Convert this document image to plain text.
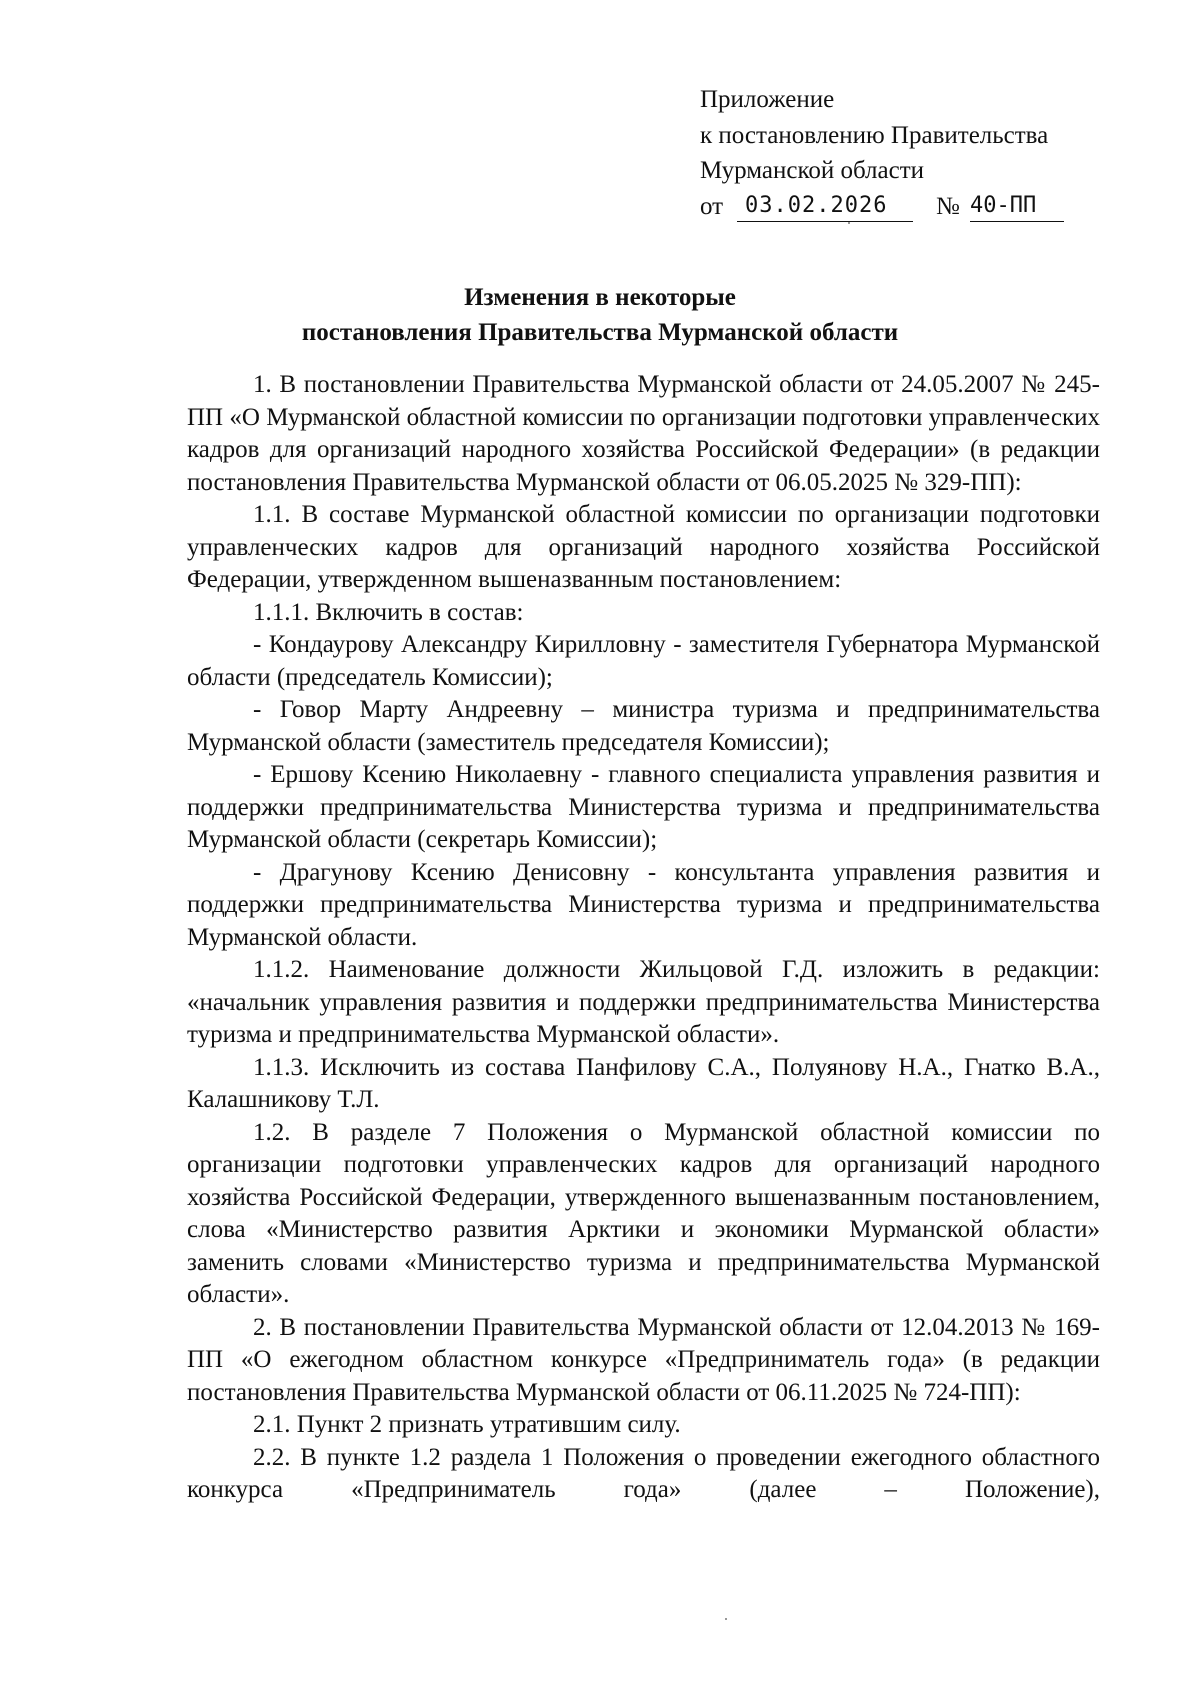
Приложение
к постановлению Правительства
Мурманской области
от 03.02.2026	№ 40-ПП
Изменения в некоторые
постановления Правительства Мурманской области

1. В постановлении Правительства Мурманской области от 24.05.2007 № 245-ПП «О Мурманской областной комиссии по организации подготовки управленческих кадров для организаций народного хозяйства Российской Федерации» (в редакции постановления Правительства Мурманской области от 06.05.2025 № 329-ПП):

1.1. В составе Мурманской областной комиссии по организации подготовки управленческих кадров для организаций народного хозяйства Российской Федерации, утвержденном вышеназванным постановлением:

1.1.1. Включить в состав:

- Кондаурову Александру Кирилловну - заместителя Губернатора Мурманской области (председатель Комиссии);

- Говор Марту Андреевну – министра туризма и предпринимательства Мурманской области (заместитель председателя Комиссии);

- Ершову Ксению Николаевну - главного специалиста управления развития и поддержки предпринимательства Министерства туризма и предпринимательства Мурманской области (секретарь Комиссии);

- Драгунову Ксению Денисовну - консультанта управления развития и поддержки предпринимательства Министерства туризма и предпринимательства Мурманской области.

1.1.2. Наименование должности Жильцовой Г.Д. изложить в редакции: «начальник управления развития и поддержки предпринимательства Министерства туризма и предпринимательства Мурманской области».

1.1.3. Исключить из состава Панфилову С.А., Полуянову Н.А., Гнатко В.А., Калашникову Т.Л.

1.2. В разделе 7 Положения о Мурманской областной комиссии по организации подготовки управленческих кадров для организаций народного хозяйства Российской Федерации, утвержденного вышеназванным постановлением, слова «Министерство развития Арктики и экономики Мурманской области» заменить словами «Министерство туризма и предпринимательства Мурманской области».

2. В постановлении Правительства Мурманской области от 12.04.2013 № 169-ПП «О ежегодном областном конкурсе «Предприниматель года» (в редакции постановления Правительства Мурманской области от 06.11.2025 № 724-ПП):

2.1. Пункт 2 признать утратившим силу.

2.2. В пункте 1.2 раздела 1 Положения о проведении ежегодного областного конкурса «Предприниматель года» (далее – Положение),
